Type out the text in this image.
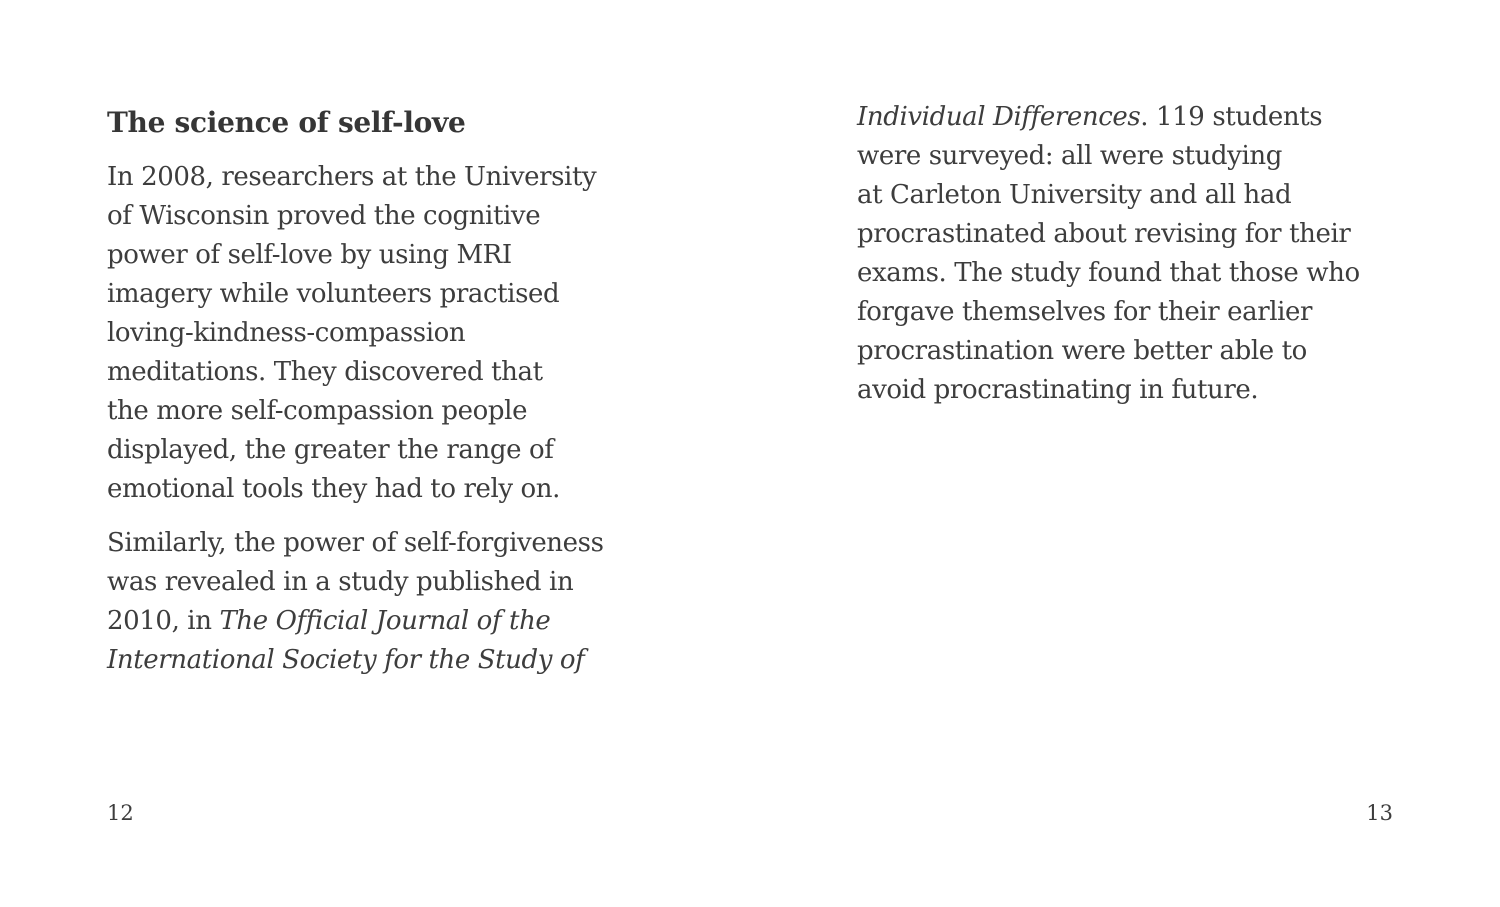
The science of self-love

In 2008, researchers at the University
of Wisconsin proved the cognitive
power of self-love by using MRI
imagery while volunteers practised
loving-kindness-compassion
meditations. They discovered that
the more self-compassion people
displayed, the greater the range of
emotional tools they had to rely on.

Similarly, the power of self-forgiveness
was revealed in a study published in
2010, in The Official Journal of the
International Society for the Study of

Individual Differences. 119 students
were surveyed: all were studying
at Carleton University and all had
procrastinated about revising for their
exams. The study found that those who
forgave themselves for their earlier
procrastination were better able to
avoid procrastinating in future.

12	13
